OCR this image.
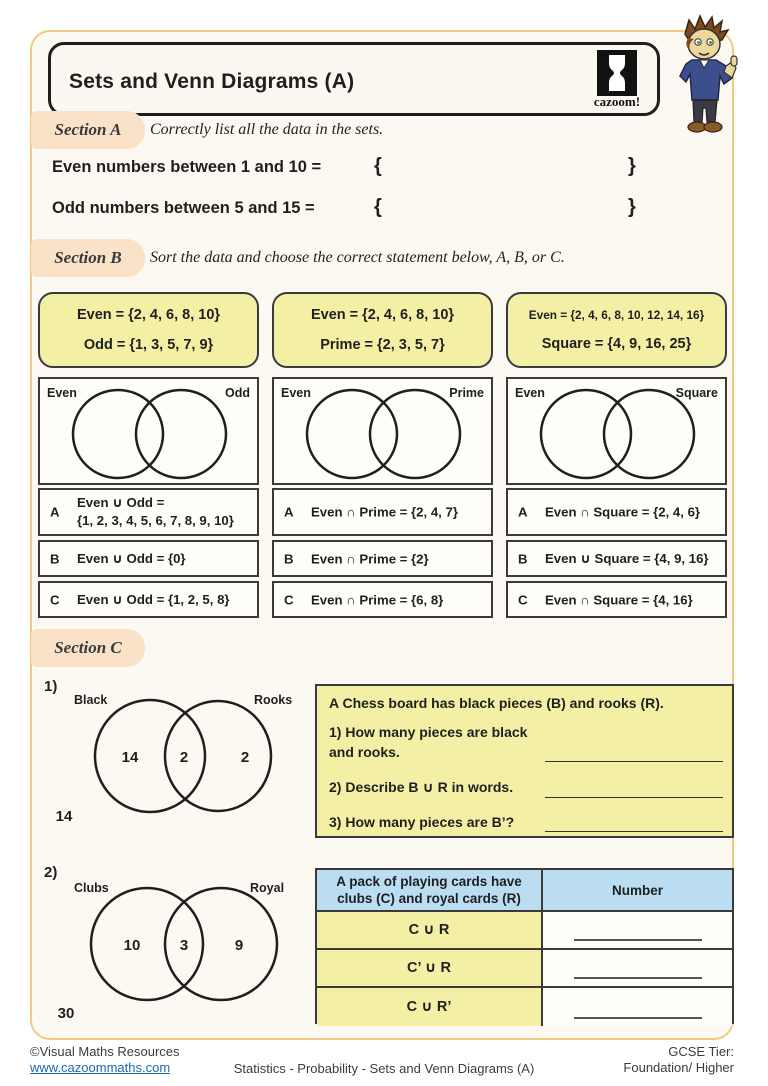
Sets and Venn Diagrams (A)
cazoom!
Section A	Correctly list all the data in the sets.
Even numbers between 1 and 10 =	{	}
Odd numbers between 5 and 15 =	{	}
Section B	Sort the data and choose the correct statement below, A, B, or C.
Even = {2, 4, 6, 8, 10}
Odd = {1, 3, 5, 7, 9}
Even	Odd
A
Even ∪ Odd =
{1, 2, 3, 4, 5, 6, 7, 8, 9, 10}
B Even ∪ Odd = {0}
C Even ∪ Odd = {1, 2, 5, 8}
Even = {2, 4, 6, 8, 10}
Prime = {2, 3, 5, 7}
Even	Prime
A Even ∩ Prime = {2, 4, 7}
B Even ∩ Prime = {2}
C Even ∩ Prime = {6, 8}
Even = {2, 4, 6, 8, 10, 12, 14, 16}
Square = {4, 9, 16, 25}
Even	Square
A Even ∩ Square = {2, 4, 6}
B Even ∪ Square = {4, 9, 16}
C Even ∩ Square = {4, 16}
Section C
1)
Black	Rooks
14	2	2
14
A Chess board has black pieces (B) and rooks (R).
1) How many pieces are black
and rooks.
2) Describe B ∪ R in words.
3) How many pieces are B’?
2)
Clubs	Royal
10	3	9
30
A pack of playing cards have
clubs (C) and royal cards (R)
Number
C ∪ R
C’ ∪ R
C ∪ R’
©Visual Maths Resources
www.cazoommaths.com	Statistics - Probability - Sets and Venn Diagrams (A)
GCSE Tier:
Foundation/ Higher
